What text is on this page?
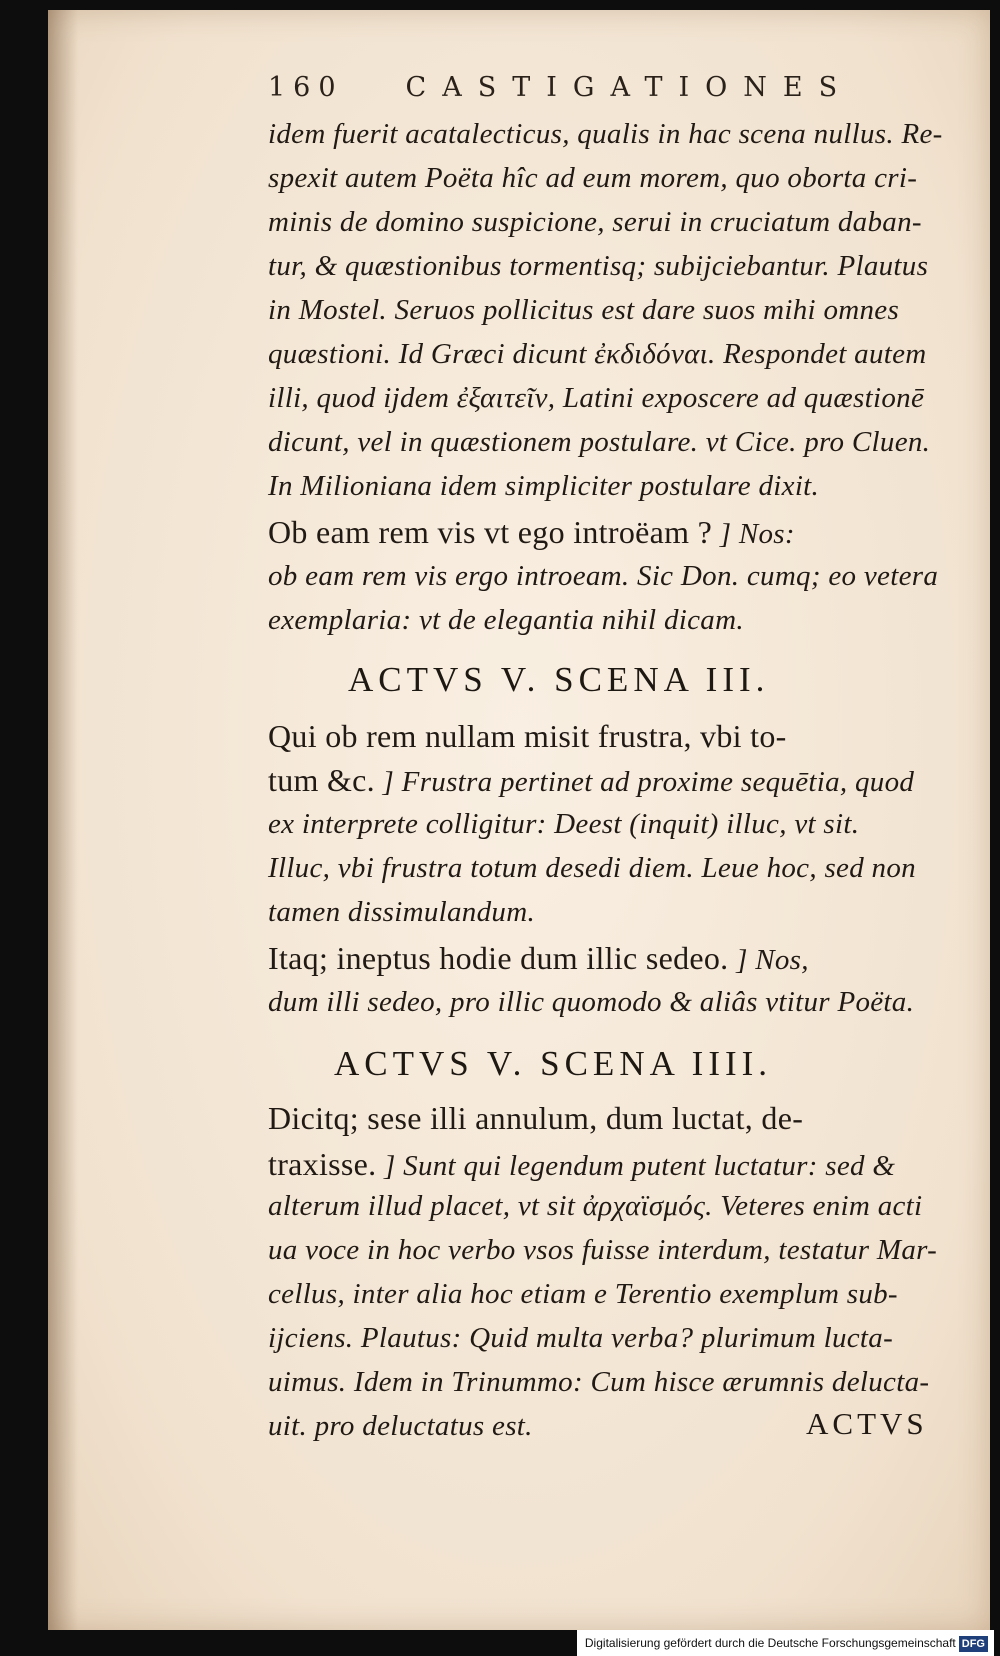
160 CASTIGATIONES
idem fuerit acatalecticus, qualis in hac scena nullus. Re-
spexit autem Poëta hîc ad eum morem, quo oborta cri-
minis de domino suspicione, serui in cruciatum daban-
tur, & quæstionibus tormentisq; subijciebantur. Plautus
in Mostel. Seruos pollicitus est dare suos mihi omnes
quæstioni. Id Græci dicunt ἐκδιδόναι. Respondet autem
illi, quod ijdem ἐξαιτεῖν, Latini exposcere ad quæstionē
dicunt, vel in quæstionem postulare. vt Cice. pro Cluen.
In Milioniana idem simpliciter postulare dixit.
Ob eam rem vis vt ego introëam ? ] Nos:
ob eam rem vis ergo introeam. Sic Don. cumq; eo vetera
exemplaria: vt de elegantia nihil dicam.
ACTVS V. SCENA III.
Qui ob rem nullam misit frustra, vbi to-
tum &c. ] Frustra pertinet ad proxime sequētia, quod
ex interprete colligitur: Deest (inquit) illuc, vt sit.
Illuc, vbi frustra totum desedi diem. Leue hoc, sed non
tamen dissimulandum.
Itaq; ineptus hodie dum illic sedeo. ] Nos,
dum illi sedeo, pro illic quomodo & aliâs vtitur Poëta.
ACTVS V. SCENA IIII.
Dicitq; sese illi annulum, dum luctat, de-
traxisse. ] Sunt qui legendum putent luctatur: sed &
alterum illud placet, vt sit ἀρχαϊσμός. Veteres enim acti
ua voce in hoc verbo vsos fuisse interdum, testatur Mar-
cellus, inter alia hoc etiam e Terentio exemplum sub-
ijciens. Plautus: Quid multa verba? plurimum lucta-
uimus. Idem in Trinummo: Cum hisce ærumnis delucta-
uit. pro deluctatus est.	ACTVS
Digitalisierung gefördert durch die Deutsche Forschungsgemeinschaft DFG
